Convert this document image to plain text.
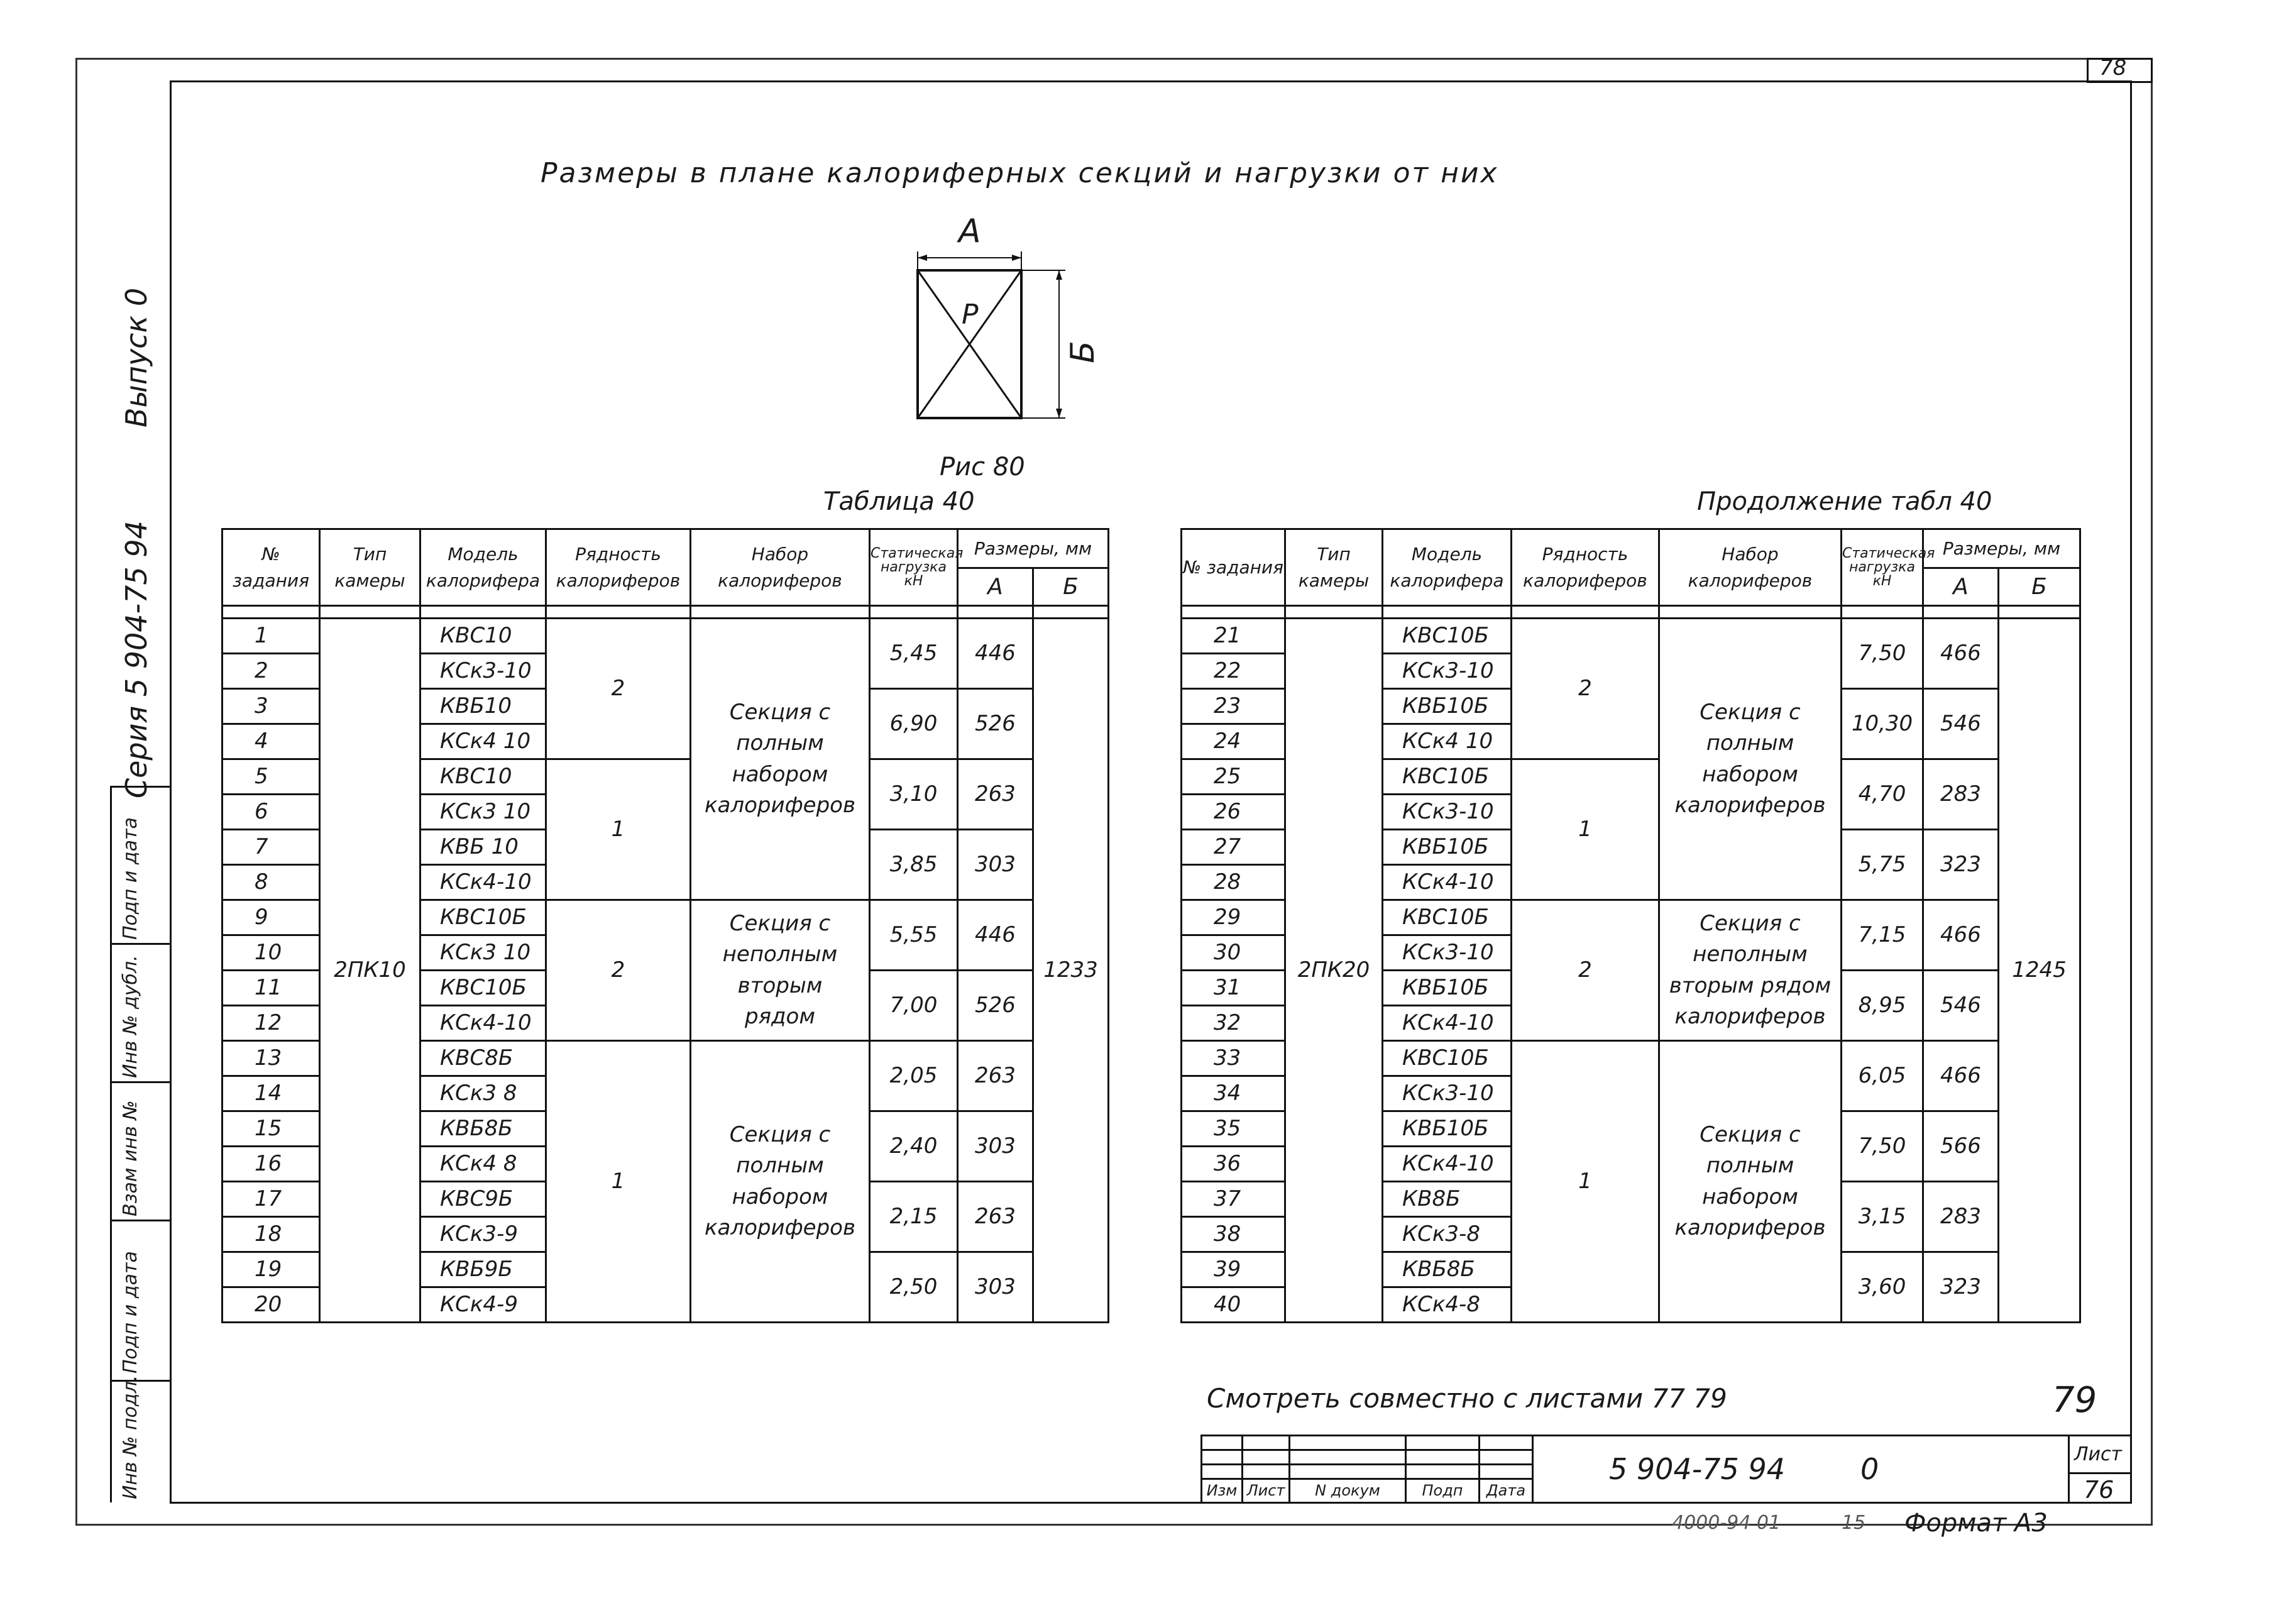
78
Серия 5 904-75 94
Выпуск 0
Инв № подл.
Подп и дата
Взам инв №
Инв № дубл.
Подп и дата
Размеры в плане калориферных секций и нагрузки от них
А
Б
Р
Рис 80
Таблица 40	Продолжение табл 40
№ задания	Тип камеры	Модель калорифера	Рядность калориферов	Набор калориферов	Статическая нагрузка кН	Размеры, мм	
						А	Б

1	2ПК10	КВС10	2	Секция с полным набором калориферов	5,45	446	1233
2		КСк3-10					
3		КВБ10			6,90	526	
4		КСк4 10					
5		КВС10	1		3,10	263	
6		КСк3 10					
7		КВБ 10			3,85	303	
8		КСк4-10					
9		КВС10Б	2	Секция с неполным вторым рядом	5,55	446	
10		КСк3 10					
11		КВС10Б			7,00	526	
12		КСк4-10					
13		КВС8Б	1	Секция с полным набором калориферов	2,05	263	
14		КСк3 8					
15		КВБ8Б			2,40	303	
16		КСк4 8					
17		КВС9Б			2,15	263	
18		КСк3-9					
19		КВБ9Б			2,50	303	
20		КСк4-9					
№ задания	Тип камеры	Модель калорифера	Рядность калориферов	Набор калориферов	Статическая нагрузка кН	Размеры, мм	
						А	Б

21	2ПК20	КВС10Б	2	Секция с полным набором калориферов	7,50	466	1245
22		КСк3-10					
23		КВБ10Б			10,30	546	
24		КСк4 10					
25		КВС10Б	1		4,70	283	
26		КСк3-10					
27		КВБ10Б			5,75	323	
28		КСк4-10					
29		КВС10Б	2	Секция с неполным вторым рядом калориферов	7,15	466	
30		КСк3-10					
31		КВБ10Б			8,95	546	
32		КСк4-10					
33		КВС10Б	1	Секция с полным набором калориферов	6,05	466	
34		КСк3-10					
35		КВБ10Б			7,50	566	
36		КСк4-10					
37		КВ8Б			3,15	283	
38		КСк3-8					
39		КВБ8Б			3,60	323	
40		КСк4-8					
Смотреть совместно с листами 77 79	79

Изм	Лист	N докум	Подп	Дата
5 904-75 94	0	Лист
76
4000-94 01	15 Формат А3
